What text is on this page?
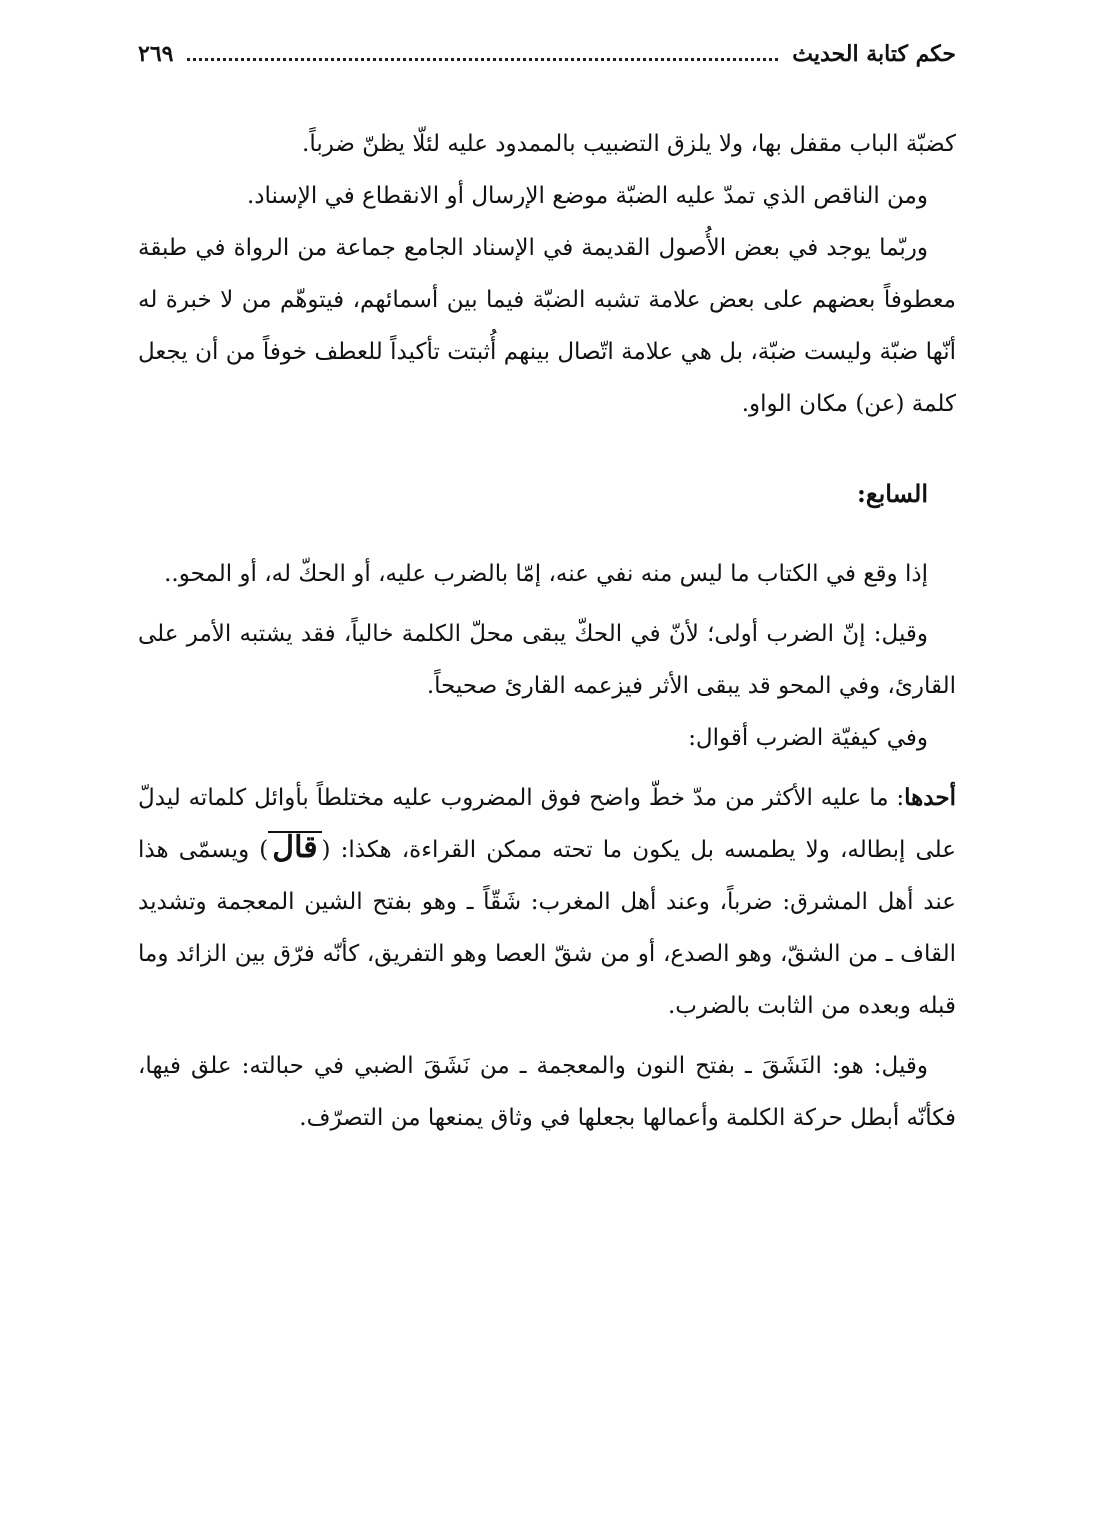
حكم كتابة الحديث
٢٦٩

كضبّة الباب مقفل بها، ولا يلزق التضبيب بالممدود عليه لئلّا يظنّ ضرباً.

ومن الناقص الذي تمدّ عليه الضبّة موضع الإرسال أو الانقطاع في الإسناد.

وربّما يوجد في بعض الأُصول القديمة في الإسناد الجامع جماعة من الرواة في طبقة معطوفاً بعضهم على بعض علامة تشبه الضبّة فيما بين أسمائهم، فيتوهّم من لا خبرة له أنّها ضبّة وليست ضبّة، بل هي علامة اتّصال بينهم أُثبتت تأكيداً للعطف خوفاً من أن يجعل كلمة (عن) مكان الواو.

السابع:

إذا وقع في الكتاب ما ليس منه نفي عنه، إمّا بالضرب عليه، أو الحكّ له، أو المحو..

وقيل: إنّ الضرب أولى؛ لأنّ في الحكّ يبقى محلّ الكلمة خالياً، فقد يشتبه الأمر على القارئ، وفي المحو قد يبقى الأثر فيزعمه القارئ صحيحاً.

وفي كيفيّة الضرب أقوال:

أحدها: ما عليه الأكثر من مدّ خطّ واضح فوق المضروب عليه مختلطاً بأوائل كلماته ليدلّ على إبطاله، ولا يطمسه بل يكون ما تحته ممكن القراءة، هكذا: (قال) ويسمّى هذا عند أهل المشرق: ضرباً، وعند أهل المغرب: شَقّاً ـ وهو بفتح الشين المعجمة وتشديد القاف ـ من الشقّ، وهو الصدع، أو من شقّ العصا وهو التفريق، كأنّه فرّق بين الزائد وما قبله وبعده من الثابت بالضرب.

وقيل: هو: النَشَقَ ـ بفتح النون والمعجمة ـ من نَشَقَ الضبي في حبالته: علق فيها، فكأنّه أبطل حركة الكلمة وأعمالها بجعلها في وثاق يمنعها من التصرّف.
